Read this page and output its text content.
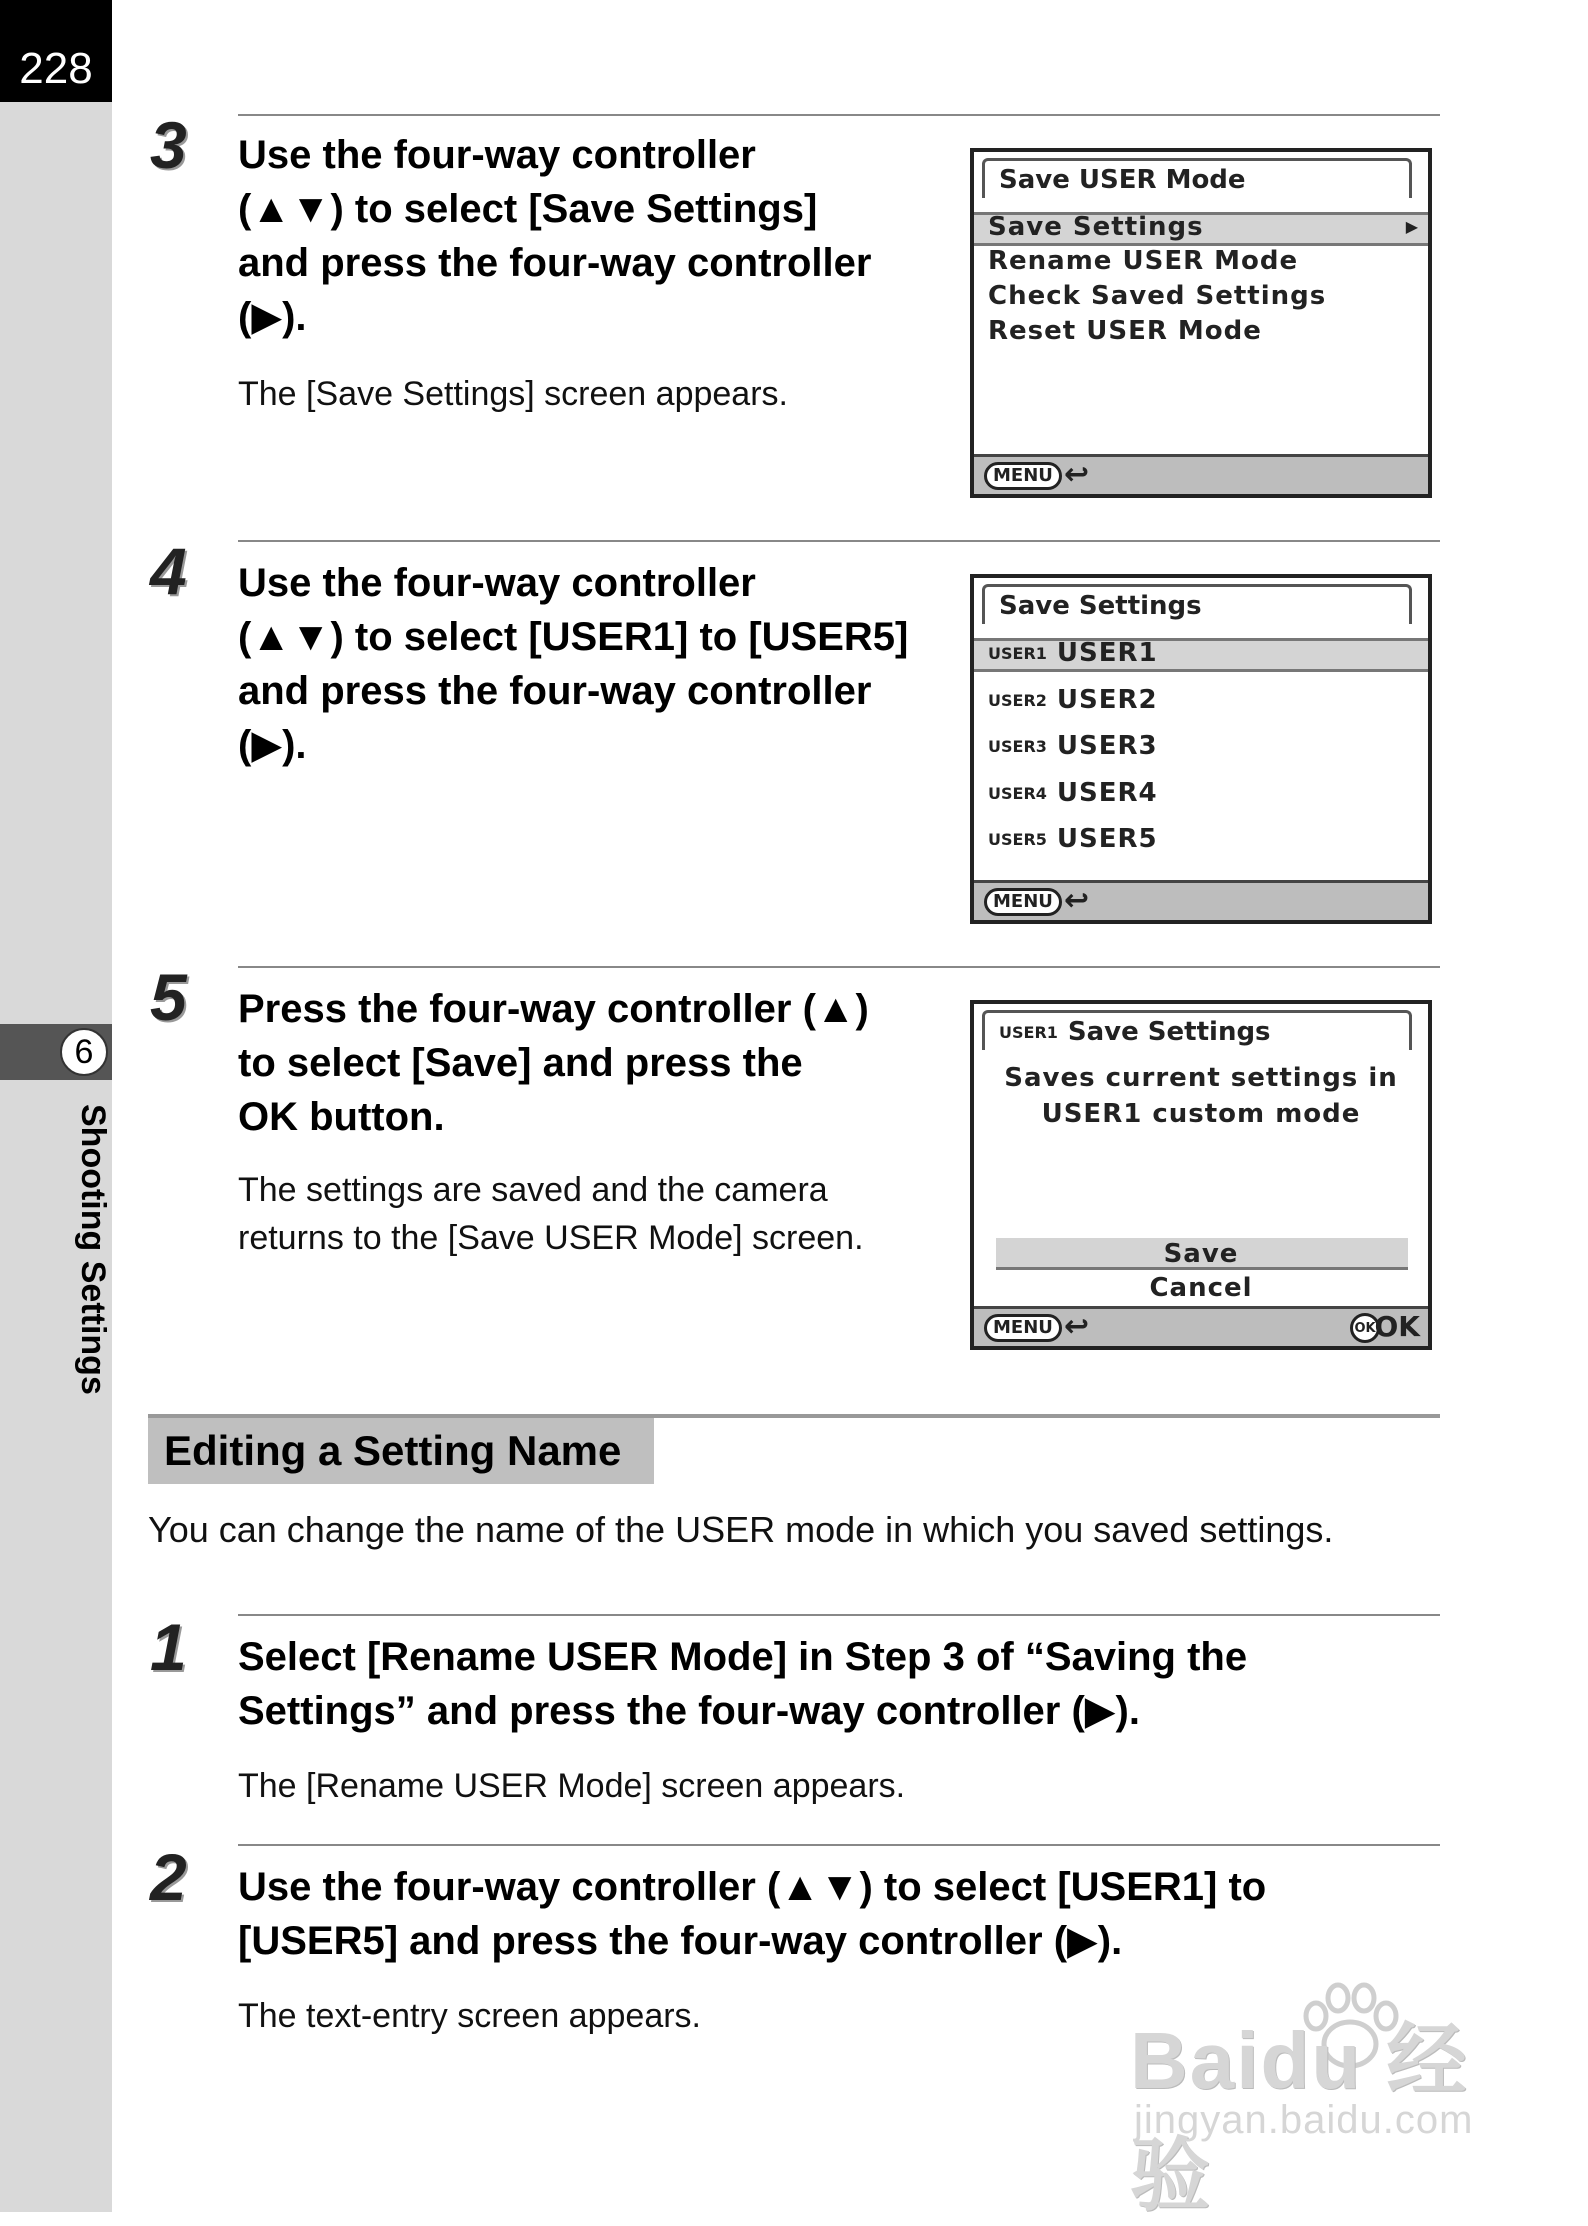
228
6
Shooting Settings
3 Use the four-way controller
(▲▼) to select [Save Settings]
and press the four-way controller
(▶).
The [Save Settings] screen appears.
Save USER Mode
Save Settings	▶
Rename USER Mode
Check Saved Settings
Reset USER Mode
MENU ↩
4 Use the four-way controller
(▲▼) to select [USER1] to [USER5]
and press the four-way controller
(▶).
Save Settings
USER1 USER1
USER2 USER2
USER3 USER3
USER4 USER4
USER5 USER5
MENU ↩
5 Press the four-way controller (▲)
to select [Save] and press the
OK button.
The settings are saved and the camera
returns to the [Save USER Mode] screen.
USER1 Save Settings
Saves current settings in
USER1 custom mode
Save
Cancel
MENU ↩	OK
OK
Editing a Setting Name
You can change the name of the USER mode in which you saved settings.
1 Select [Rename USER Mode] in Step 3 of “Saving the
Settings” and press the four-way controller (▶).
The [Rename USER Mode] screen appears.
2 Use the four-way controller (▲▼) to select [USER1] to
[USER5] and press the four-way controller (▶).
The text-entry screen appears.	Baidu 经验
jingyan.baidu.com
